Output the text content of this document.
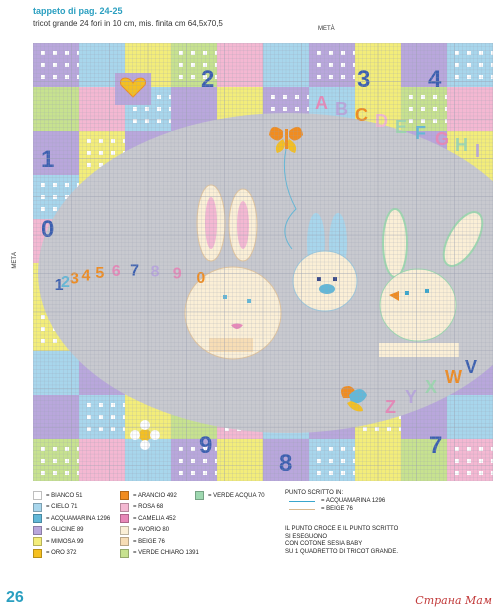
tappeto di pag. 24-25
tricot grande 24 fori in 10 cm, mis. finita cm 64,5x70,5
METÀ
METÀ
2	3 4
1
0
9
8
7
1
2 3 4 5 6 7 8 9 0
A B C D E F G H I
Z Y X W V
= BIANCO 51
= CIELO 71
= ACQUAMARINA 1296
= GLICINE 89
= MIMOSA 99
= ORO 372
= ARANCIO 492
= ROSA 68
= CAMELIA 452
= AVORIO 80
= BEIGE 76
= VERDE CHIARO 1391
= VERDE ACQUA 70	PUNTO SCRITTO IN:
= ACQUAMARINA 1296
= BEIGE 76
IL PUNTO CROCE E IL PUNTO SCRITTO
SI ESEGUONO
CON COTONE SESIA BABY
SU 1 QUADRETTO DI TRICOT GRANDE.
26	Страна Мам
